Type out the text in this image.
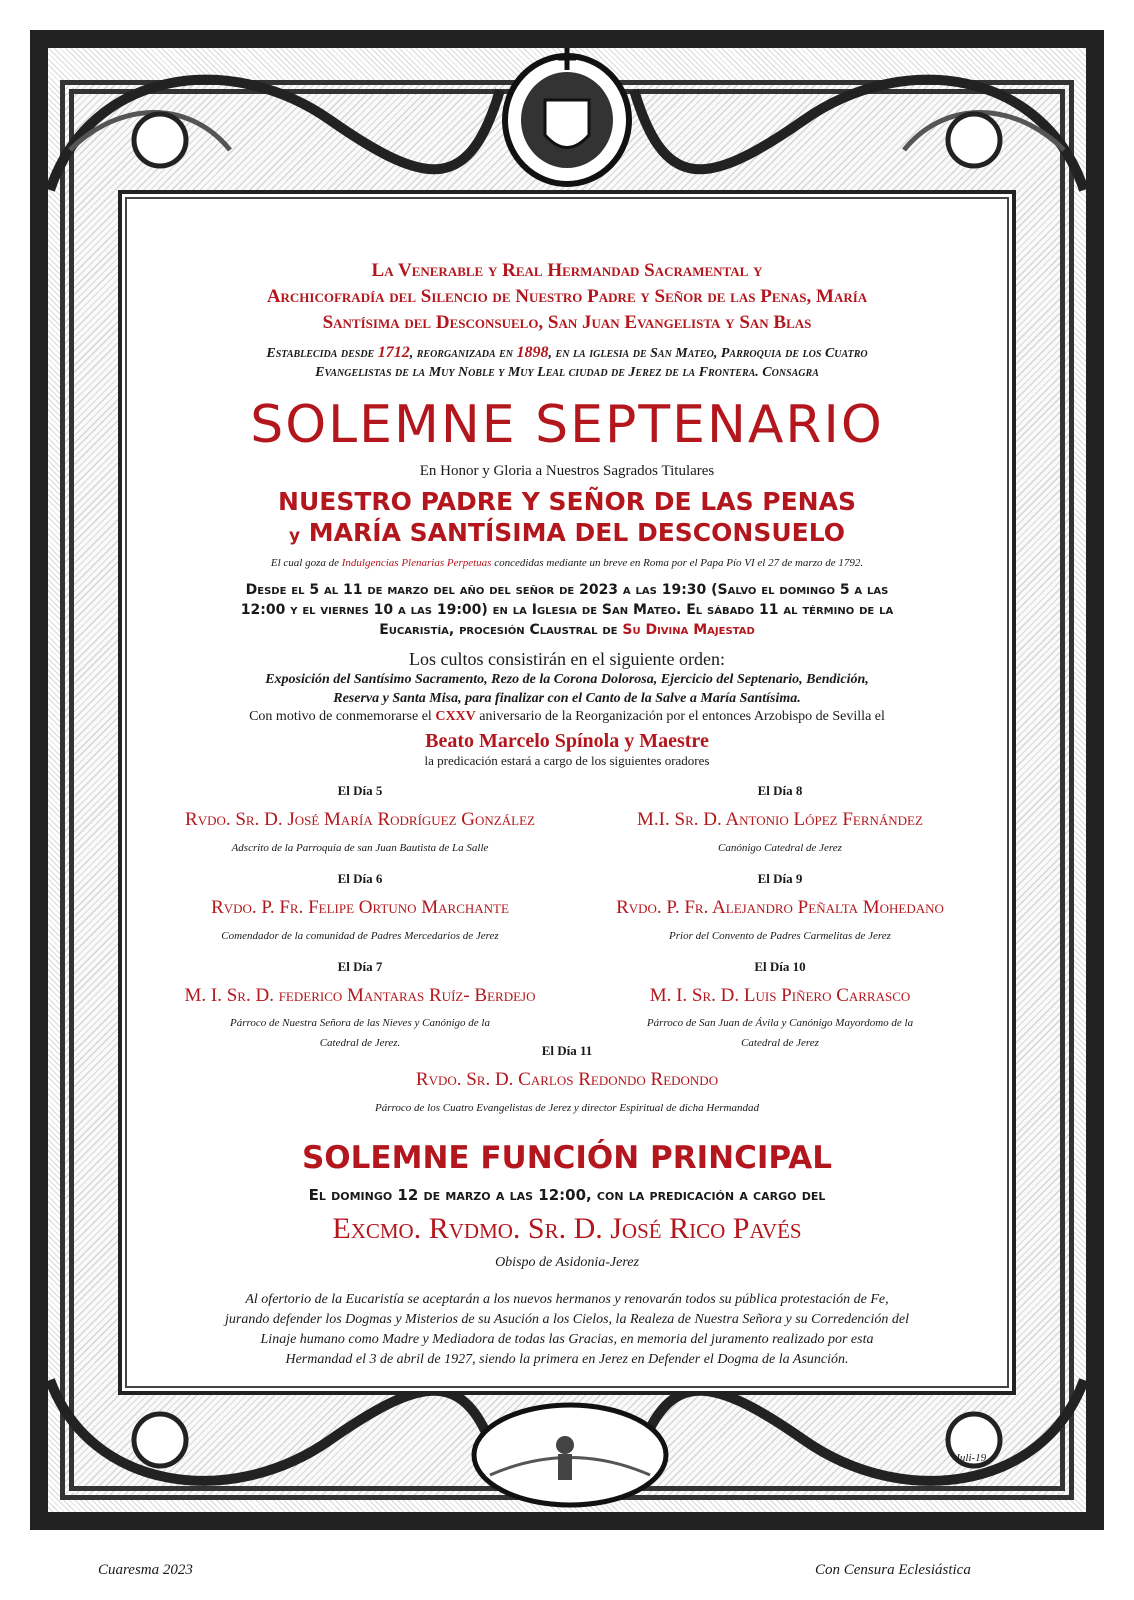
La Venerable y Real Hermandad Sacramental y

Archicofradía del Silencio de Nuestro Padre y Señor de las Penas, María

Santísima del Desconsuelo, San Juan Evangelista y San Blas

Establecida desde 1712, reorganizada en 1898, en la iglesia de San Mateo, Parroquia de los Cuatro

Evangelistas de la Muy Noble y Muy Leal ciudad de Jerez de la Frontera. Consagra

SOLEMNE SEPTENARIO

En Honor y Gloria a Nuestros Sagrados Titulares

NUESTRO PADRE Y SEÑOR DE LAS PENAS

y MARÍA SANTÍSIMA DEL DESCONSUELO

El cual goza de Indulgencias Plenarias Perpetuas concedidas mediante un breve en Roma por el Papa Pío VI el 27 de marzo de 1792.

Desde el 5 al 11 de marzo del año del señor de 2023 a las 19:30 (Salvo el domingo 5 a las

12:00 y el viernes 10 a las 19:00) en la Iglesia de San Mateo. El sábado 11 al término de la

Eucaristía, procesión Claustral de Su Divina Majestad

Los cultos consistirán en el siguiente orden:

Exposición del Santísimo Sacramento, Rezo de la Corona Dolorosa, Ejercicio del Septenario, Bendición,

Reserva y Santa Misa, para finalizar con el Canto de la Salve a María Santísima.

Con motivo de conmemorarse el CXXV aniversario de la Reorganización por el entonces Arzobispo de Sevilla el

Beato Marcelo Spínola y Maestre

la predicación estará a cargo de los siguientes oradores

El Día 5
Rvdo. Sr. D. José María Rodríguez González
Adscrito de la Parroquia de san Juan Bautista de La Salle
El Día 8
M.I. Sr. D. Antonio López Fernández
Canónigo Catedral de Jerez
El Día 6
Rvdo. P. Fr. Felipe Ortuno Marchante
Comendador de la comunidad de Padres Mercedarios de Jerez
El Día 9
Rvdo. P. Fr. Alejandro Peñalta Mohedano
Prior del Convento de Padres Carmelitas de Jerez
El Día 7
M. I. Sr. D. federico Mantaras Ruíz- Berdejo
Párroco de Nuestra Señora de las Nieves y Canónigo de la
Catedral de Jerez.
El Día 10
M. I. Sr. D. Luis Piñero Carrasco
Párroco de San Juan de Ávila y Canónigo Mayordomo de la
Catedral de Jerez
El Día 11
Rvdo. Sr. D. Carlos Redondo Redondo
Párroco de los Cuatro Evangelistas de Jerez y director Espiritual de dicha Hermandad
SOLEMNE FUNCIÓN PRINCIPAL

El domingo 12 de marzo a las 12:00, con la predicación a cargo del

Excmo. Rvdmo. Sr. D. José Rico Pavés

Obispo de Asidonia-Jerez

Al ofertorio de la Eucaristía se aceptarán a los nuevos hermanos y renovarán todos su pública protestación de Fe,

jurando defender los Dogmas y Misterios de su Asución a los Cielos, la Realeza de Nuestra Señora y su Corredención del

Linaje humano como Madre y Mediadora de todas las Gracias, en memoria del juramento realizado por esta

Hermandad el 3 de abril de 1927, siendo la primera en Jerez en Defender el Dogma de la Asunción.

Juli-19
Cuaresma 2023	Con Censura Eclesiástica
